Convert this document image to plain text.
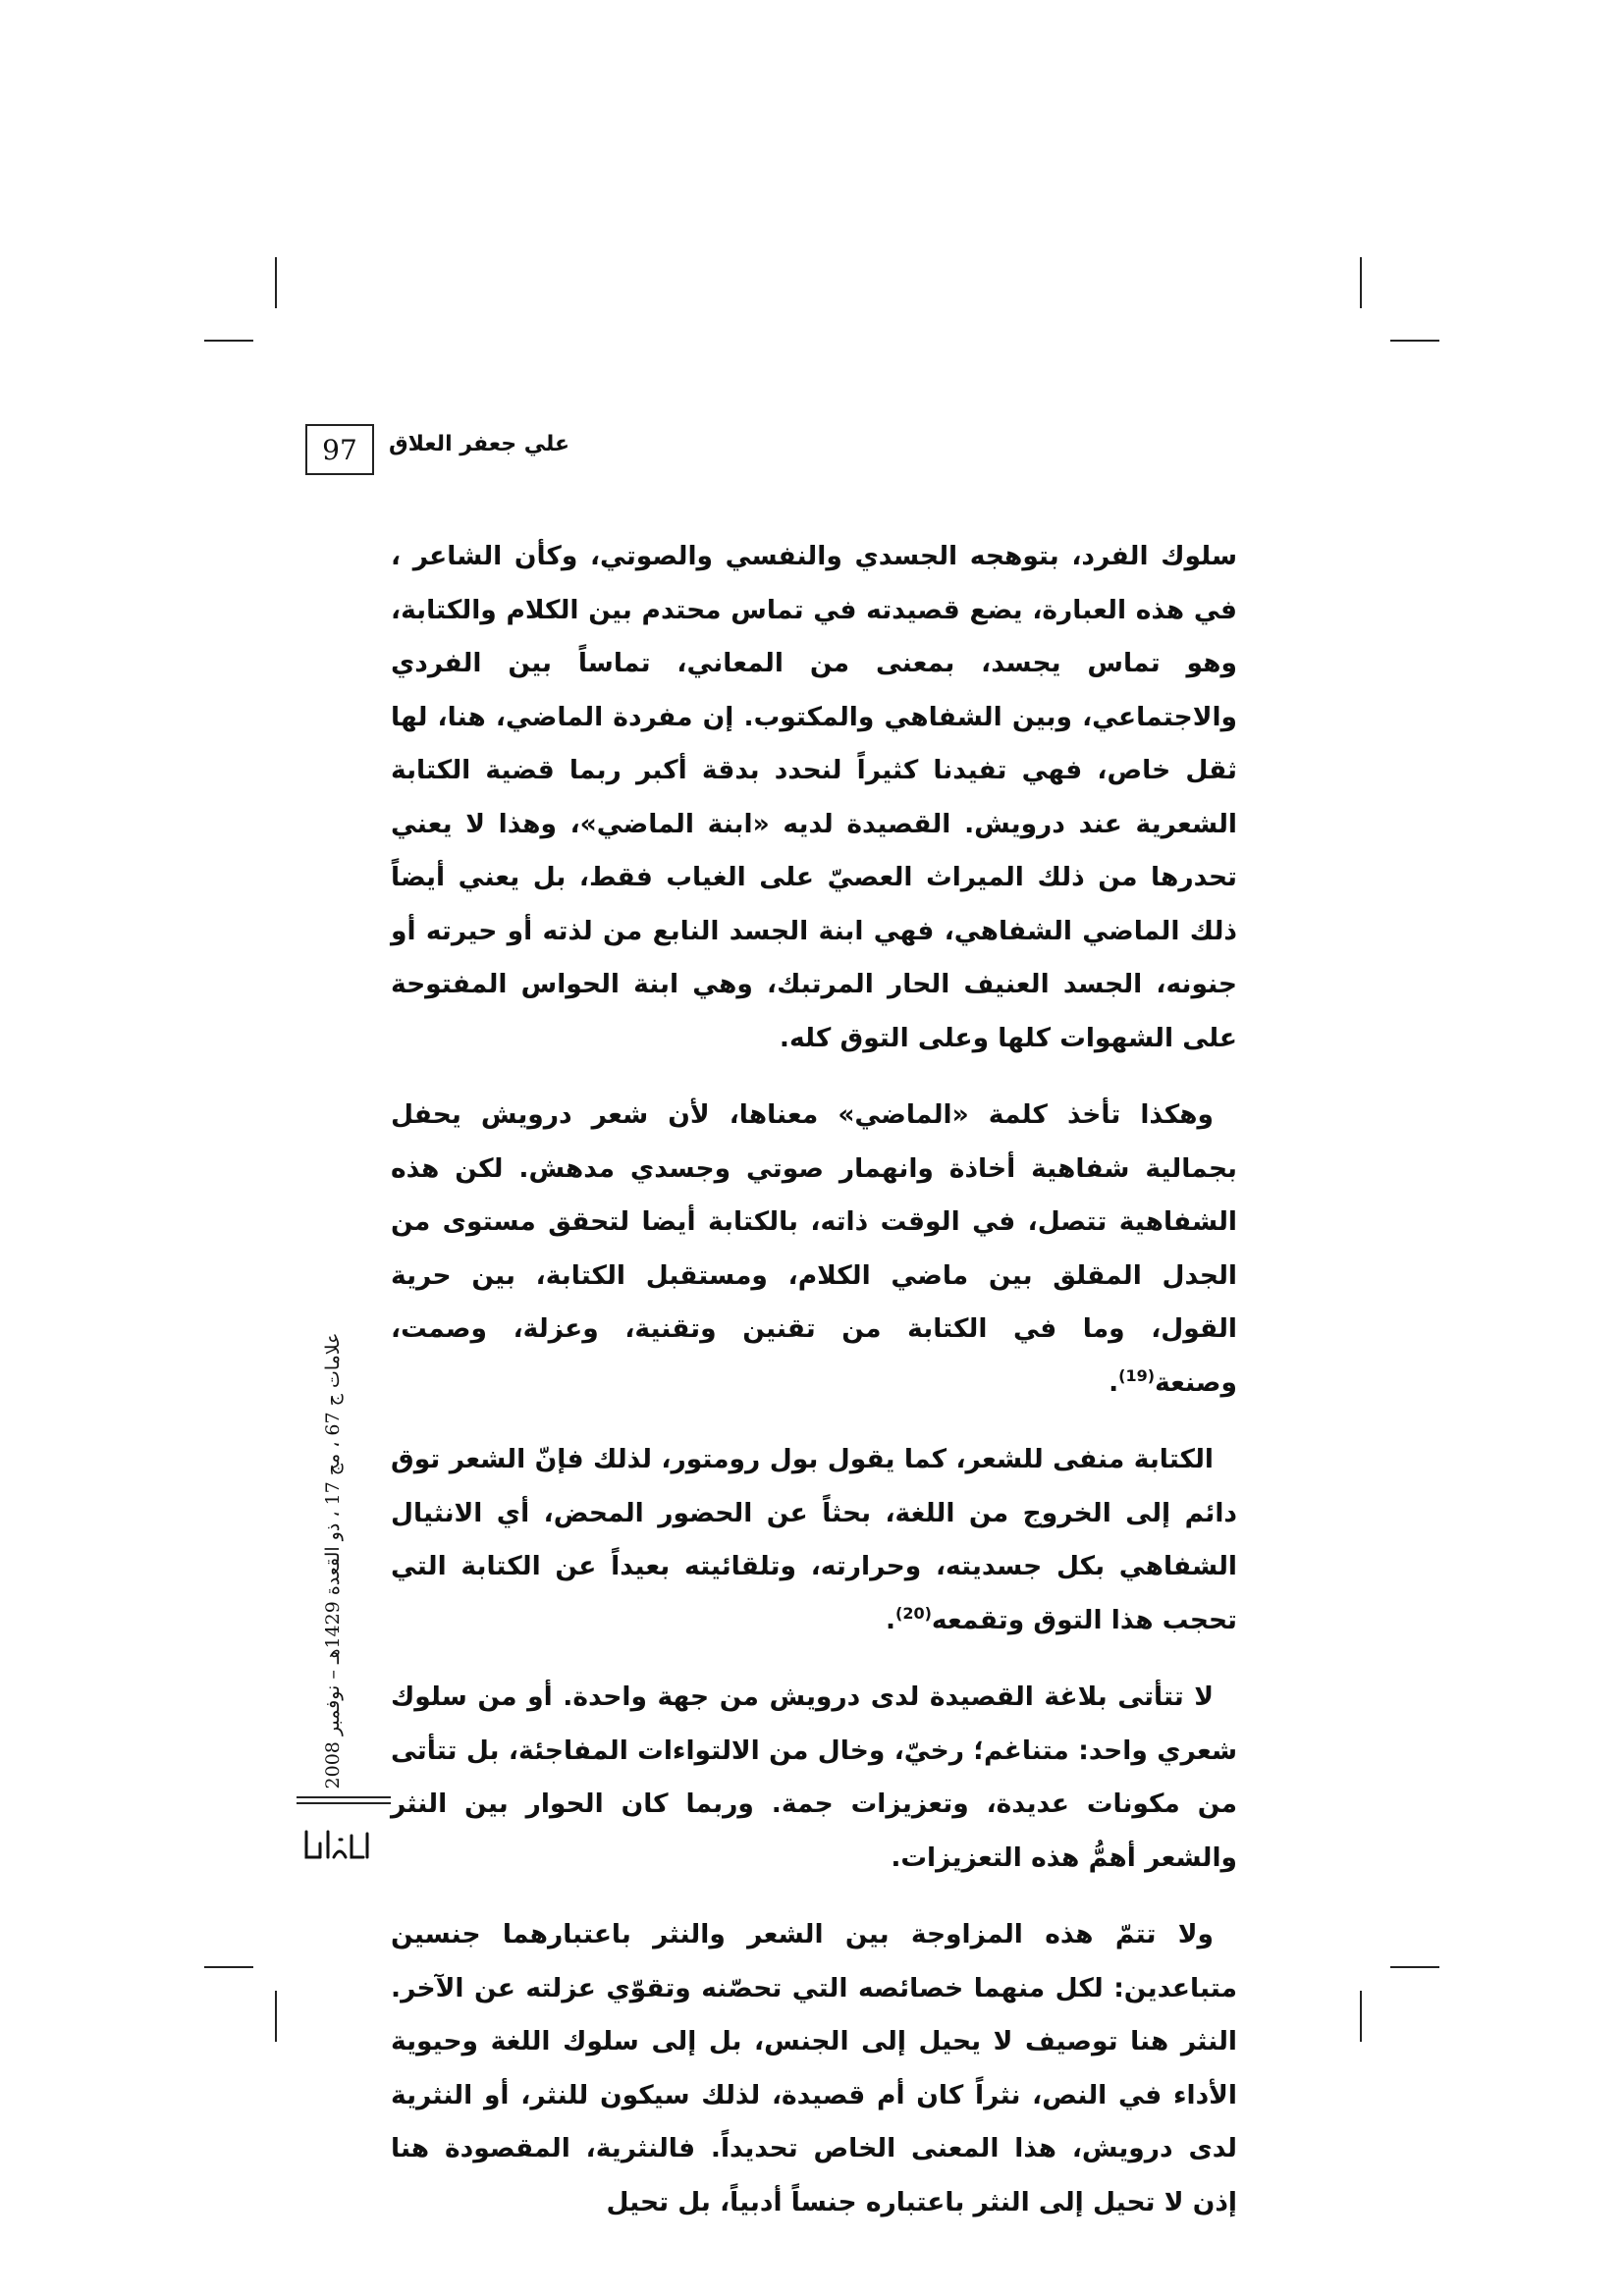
97	علي جعفر العلاق

سلوك الفرد، بتوهجه الجسدي والنفسي والصوتي، وكأن الشاعر ، في هذه العبارة، يضع قصيدته في تماس محتدم بين الكلام والكتابة، وهو تماس يجسد، بمعنى من المعاني، تماساً بين الفردي والاجتماعي، وبين الشفاهي والمكتوب. إن مفردة الماضي، هنا، لها ثقل خاص، فهي تفيدنا كثيراً لنحدد بدقة أكبر ربما قضية الكتابة الشعرية عند درويش. القصيدة لديه «ابنة الماضي»، وهذا لا يعني تحدرها من ذلك الميراث العصيّ على الغياب فقط، بل يعني أيضاً ذلك الماضي الشفاهي، فهي ابنة الجسد النابع من لذته أو حيرته أو جنونه، الجسد العنيف الحار المرتبك، وهي ابنة الحواس المفتوحة على الشهوات كلها وعلى التوق كله.

وهكذا تأخذ كلمة «الماضي» معناها، لأن شعر درويش يحفل بجمالية شفاهية أخاذة وانهمار صوتي وجسدي مدهش. لكن هذه الشفاهية تتصل، في الوقت ذاته، بالكتابة أيضا لتحقق مستوى من الجدل المقلق بين ماضي الكلام، ومستقبل الكتابة، بين حرية القول، وما في الكتابة من تقنين وتقنية، وعزلة، وصمت، وصنعة$^{(19)}$.

الكتابة منفى للشعر، كما يقول بول رومتور، لذلك فإنّ الشعر توق دائم إلى الخروج من اللغة، بحثاً عن الحضور المحض، أي الانثيال الشفاهي بكل جسديته، وحرارته، وتلقائيته بعيداً عن الكتابة التي تحجب هذا التوق وتقمعه$^{(20)}$.

لا تتأتى بلاغة القصيدة لدى درويش من جهة واحدة. أو من سلوك شعري واحد: متناغم؛ رخيّ، وخال من الالتواءات المفاجئة، بل تتأتى من مكونات عديدة، وتعزيزات جمة. وربما كان الحوار بين النثر والشعر أهمُّ هذه التعزيزات.

ولا تتمّ هذه المزاوجة بين الشعر والنثر باعتبارهما جنسين متباعدين: لكل منهما خصائصه التي تحصّنه وتقوّي عزلته عن الآخر. النثر هنا توصيف لا يحيل إلى الجنس، بل إلى سلوك اللغة وحيوية الأداء في النص، نثراً كان أم قصيدة، لذلك سيكون للنثر، أو النثرية لدى درويش، هذا المعنى الخاص تحديداً. فالنثرية، المقصودة هنا إذن لا تحيل إلى النثر باعتباره جنساً أدبياً، بل تحيل

علامات ج 67 ، مج 17 ، ذو القعدة 1429هـ – نوفمبر 2008
